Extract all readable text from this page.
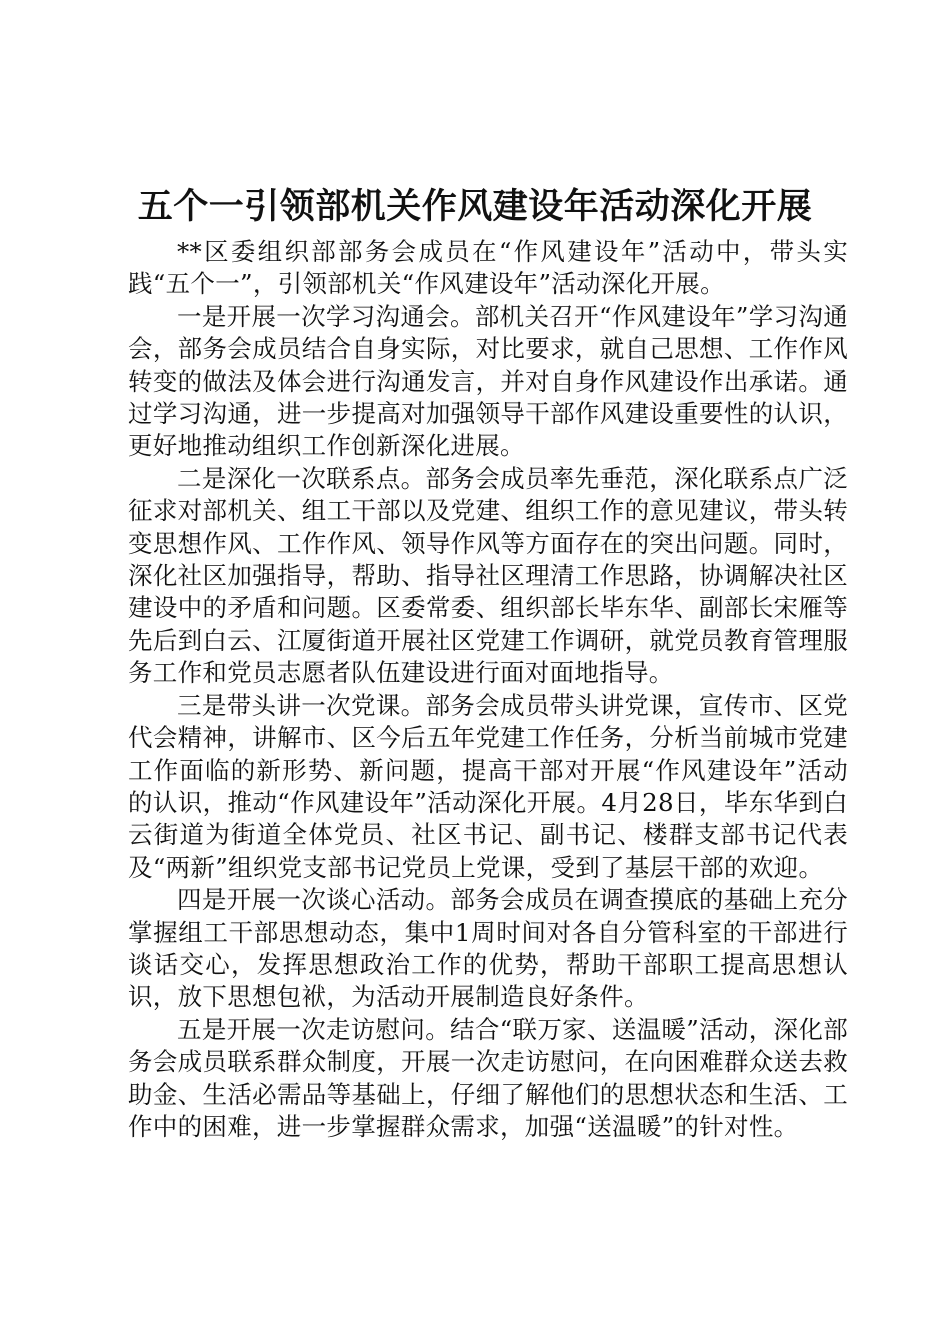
五个一引领部机关作风建设年活动深化开展

**区委组织部部务会成员在“作风建设年”活动中，带头实践“五个一”，引领部机关“作风建设年”活动深化开展。

一是开展一次学习沟通会。部机关召开“作风建设年”学习沟通会，部务会成员结合自身实际，对比要求，就自己思想、工作作风转变的做法及体会进行沟通发言，并对自身作风建设作出承诺。通过学习沟通，进一步提高对加强领导干部作风建设重要性的认识，更好地推动组织工作创新深化进展。

二是深化一次联系点。部务会成员率先垂范，深化联系点广泛征求对部机关、组工干部以及党建、组织工作的意见建议，带头转变思想作风、工作作风、领导作风等方面存在的突出问题。同时，深化社区加强指导，帮助、指导社区理清工作思路，协调解决社区建设中的矛盾和问题。区委常委、组织部长毕东华、副部长宋雁等先后到白云、江厦街道开展社区党建工作调研，就党员教育管理服务工作和党员志愿者队伍建设进行面对面地指导。

三是带头讲一次党课。部务会成员带头讲党课，宣传市、区党代会精神，讲解市、区今后五年党建工作任务，分析当前城市党建工作面临的新形势、新问题，提高干部对开展“作风建设年”活动的认识，推动“作风建设年”活动深化开展。4月28日，毕东华到白云街道为街道全体党员、社区书记、副书记、楼群支部书记代表及“两新”组织党支部书记党员上党课，受到了基层干部的欢迎。

四是开展一次谈心活动。部务会成员在调查摸底的基础上充分掌握组工干部思想动态，集中1周时间对各自分管科室的干部进行谈话交心，发挥思想政治工作的优势，帮助干部职工提高思想认识，放下思想包袱，为活动开展制造良好条件。

五是开展一次走访慰问。结合“联万家、送温暖”活动，深化部务会成员联系群众制度，开展一次走访慰问，在向困难群众送去救助金、生活必需品等基础上，仔细了解他们的思想状态和生活、工作中的困难，进一步掌握群众需求，加强“送温暖”的针对性。
